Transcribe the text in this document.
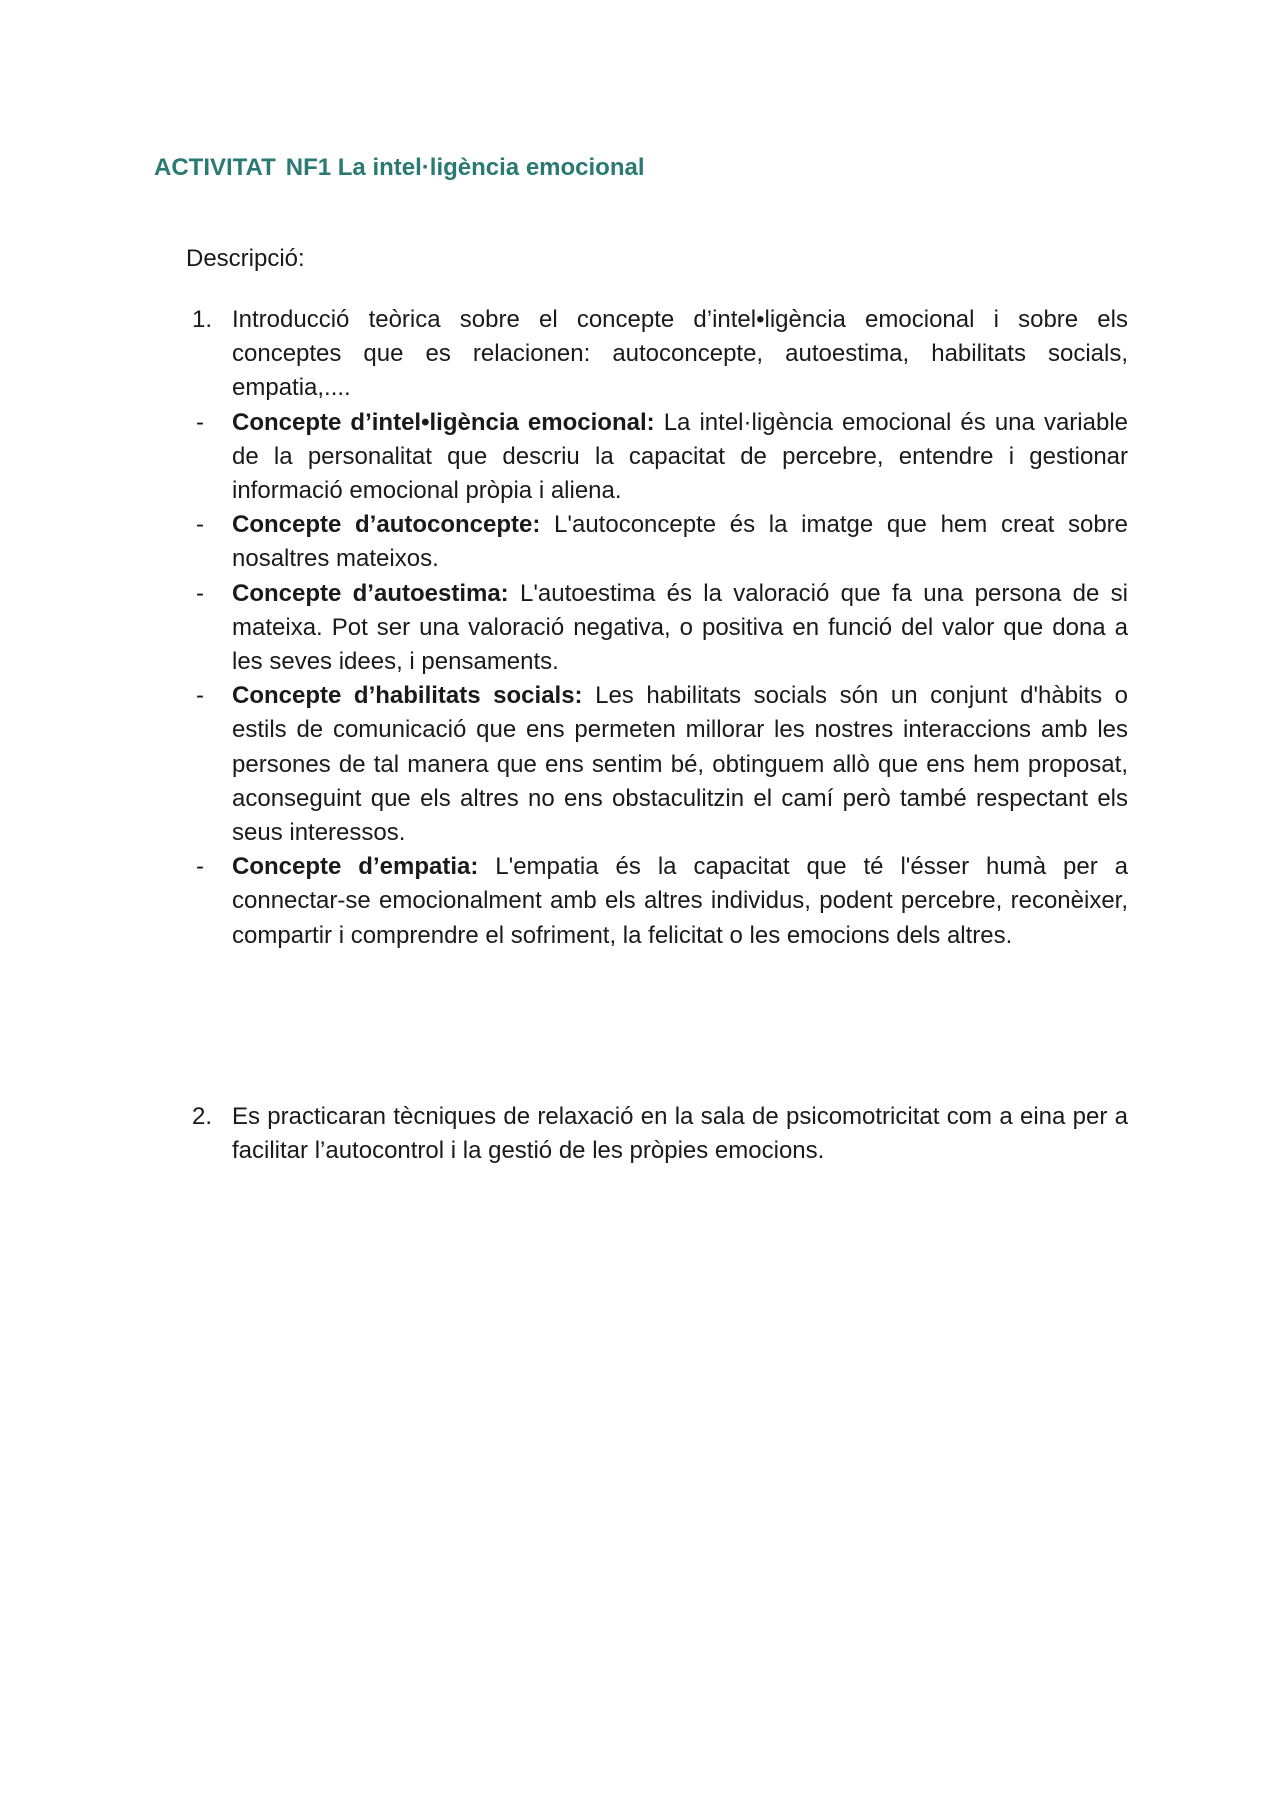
ACTIVITAT NF1 La intel·ligència emocional

Descripció:

1. Introducció teòrica sobre el concepte d’intel•ligència emocional i sobre els conceptes que es relacionen: autoconcepte, autoestima, habilitats socials, empatia,....
- Concepte d’intel•ligència emocional: La intel·ligència emocional és una variable de la personalitat que descriu la capacitat de percebre, entendre i gestionar informació emocional pròpia i aliena.
- Concepte d’autoconcepte: L'autoconcepte és la imatge que hem creat sobre nosaltres mateixos.
- Concepte d’autoestima: L'autoestima és la valoració que fa una persona de si mateixa. Pot ser una valoració negativa, o positiva en funció del valor que dona a les seves idees, i pensaments.
- Concepte d’habilitats socials: Les habilitats socials són un conjunt d'hàbits o estils de comunicació que ens permeten millorar les nostres interaccions amb les persones de tal manera que ens sentim bé, obtinguem allò que ens hem proposat, aconseguint que els altres no ens obstaculitzin el camí però també respectant els seus interessos.
- Concepte d’empatia: L'empatia és la capacitat que té l'ésser humà per a connectar-se emocionalment amb els altres individus, podent percebre, reconèixer, compartir i comprendre el sofriment, la felicitat o les emocions dels altres.
2. Es practicaran tècniques de relaxació en la sala de psicomotricitat com a eina per a facilitar l’autocontrol i la gestió de les pròpies emocions.
